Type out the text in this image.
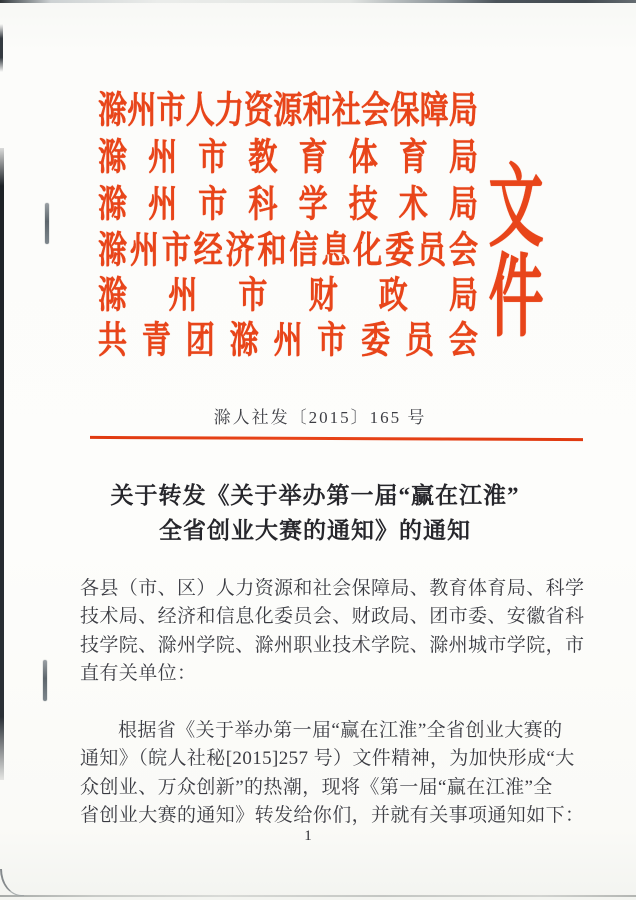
滁 州 市 人 力 资 源 和 社 会 保 障 局
滁 州 市 教 育 体 育 局
滁 州 市 科 学 技 术 局
滁 州 市 经 济 和 信 息 化 委 员 会
滁 州 市 财 政 局
共 青 团 滁 州 市 委 员 会
文
件
滁人社发〔2015〕165 号
关于转发《关于举办第一届“赢在江淮”
全省创业大赛的通知》的通知
各县（市、区）人力资源和社会保障局、教育体育局、科学
技术局、经济和信息化委员会、财政局、团市委、安徽省科
技学院、滁州学院、滁州职业技术学院、滁州城市学院，市
直有关单位：
根据省《关于举办第一届“赢在江淮”全省创业大赛的
通知》（皖人社秘[2015]257 号）文件精神，为加快形成“大
众创业、万众创新”的热潮，现将《第一届“赢在江淮”全
省创业大赛的通知》转发给你们，并就有关事项通知如下：
1
